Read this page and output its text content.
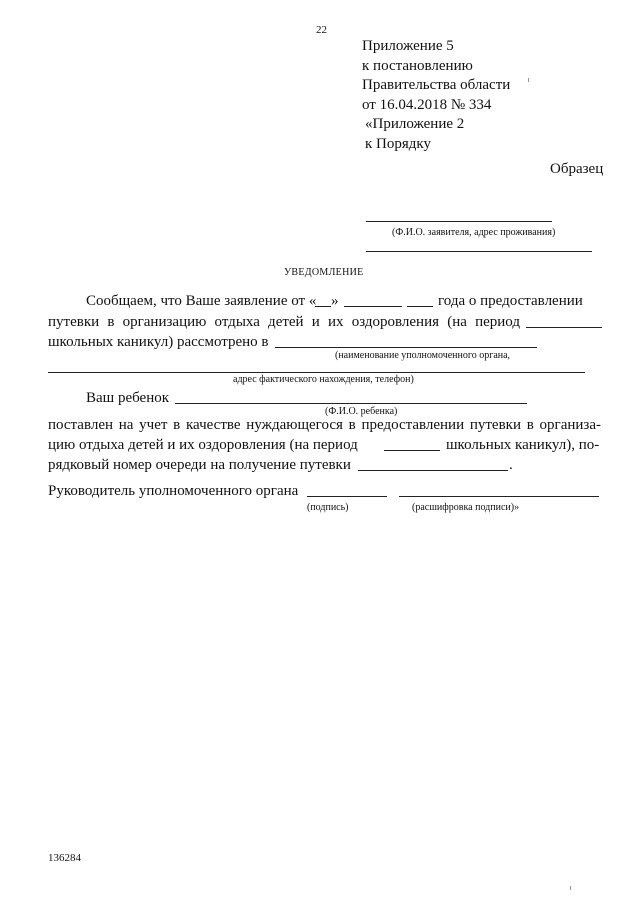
22
Приложение 5
к постановлению
Правительства области
от 16.04.2018 № 334
«Приложение 2
к Порядку
Образец
(Ф.И.О. заявителя, адрес проживания)
УВЕДОМЛЕНИЕ
Сообщаем, что Ваше заявление от « »	года о предоставлении
путевки в организацию отдыха детей и их оздоровления (на период
школьных каникул) рассмотрено в
(наименование уполномоченного органа,
адрес фактического нахождения, телефон)
Ваш ребенок
(Ф.И.О. ребенка)
поставлен на учет в качестве нуждающегося в предоставлении путевки в организа-
цию отдыха детей и их оздоровления (на период	школьных каникул), по-
рядковый номер очереди на получение путевки	.
Руководитель уполномоченного органа
(подпись)	(расшифровка подписи)»
136284
